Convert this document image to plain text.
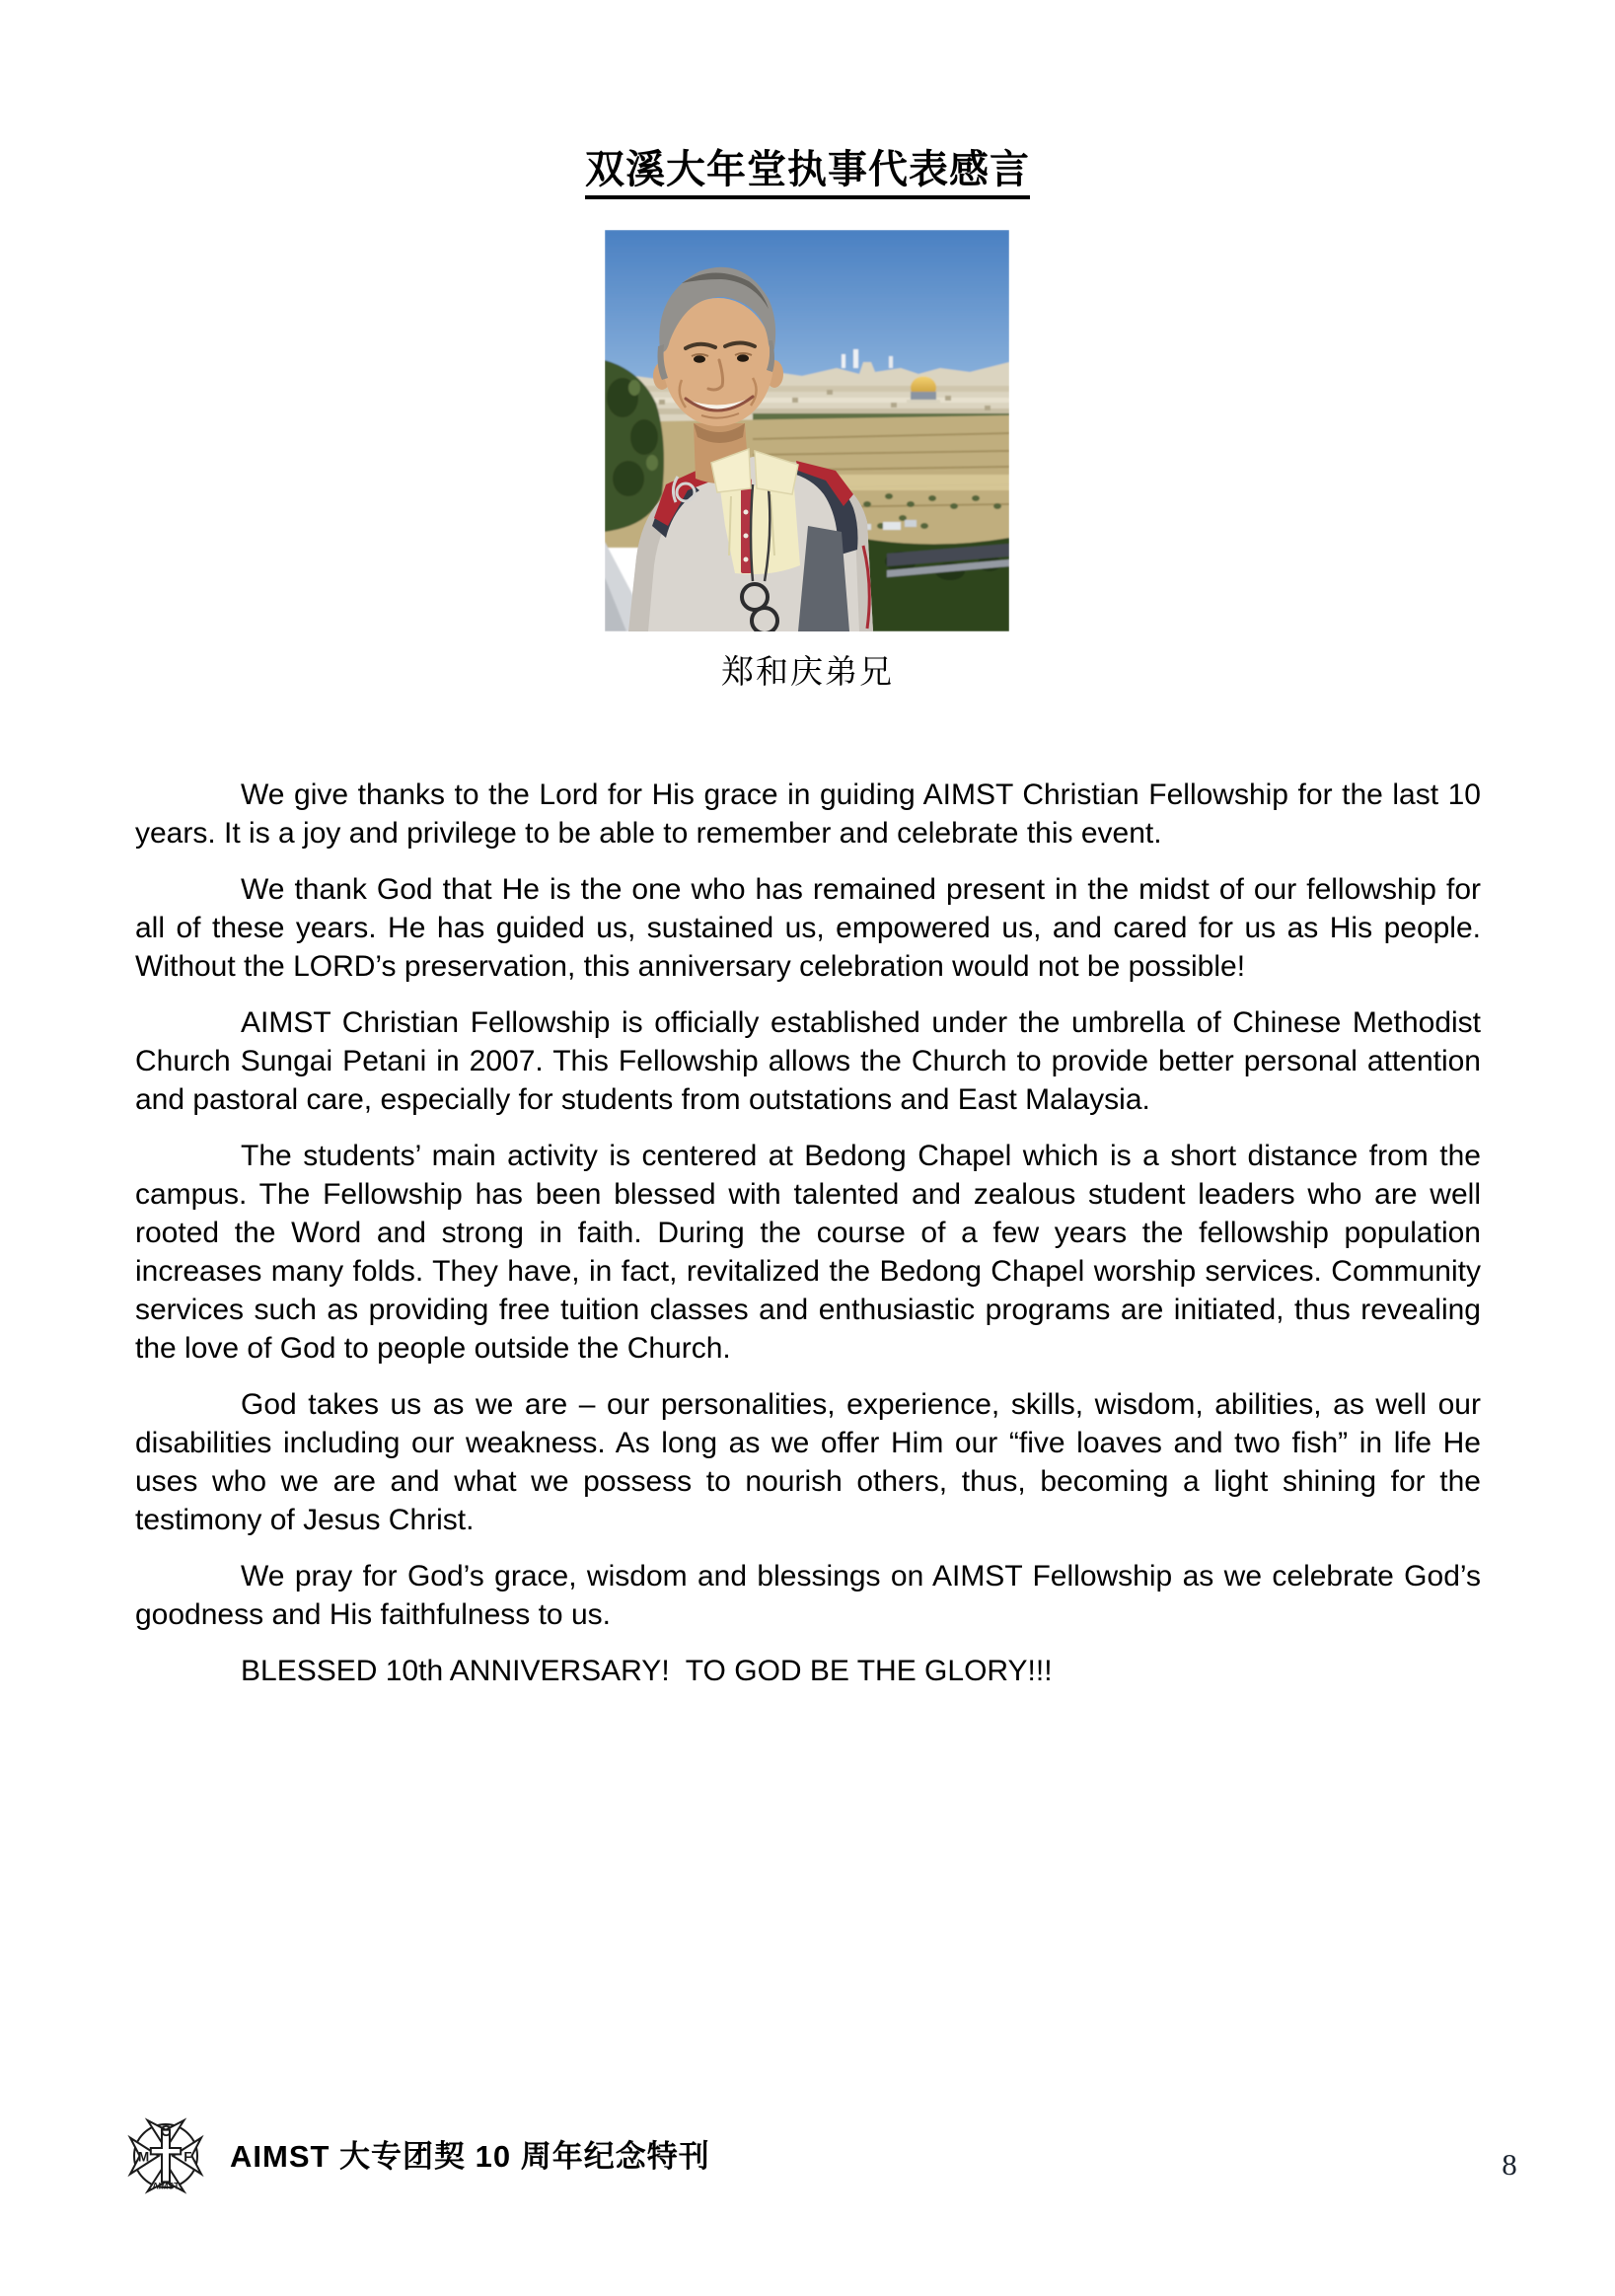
双溪大年堂执事代表感言
郑和庆弟兄

We give thanks to the Lord for His grace in guiding AIMST Christian Fellowship for the last 10 years. It is a joy and privilege to be able to remember and celebrate this event.

We thank God that He is the one who has remained present in the midst of our fellowship for all of these years. He has guided us, sustained us, empowered us, and cared for us as His people. Without the LORD’s preservation, this anniversary celebration would not be possible!

AIMST Christian Fellowship is officially established under the umbrella of Chinese Methodist Church Sungai Petani in 2007. This Fellowship allows the Church to provide better personal attention and pastoral care, especially for students from outstations and East Malaysia.

The students’ main activity is centered at Bedong Chapel which is a short distance from the campus. The Fellowship has been blessed with talented and zealous student leaders who are well rooted the Word and strong in faith. During the course of a few years the fellowship population increases many folds. They have, in fact, revitalized the Bedong Chapel worship services. Community services such as providing free tuition classes and enthusiastic programs are initiated, thus revealing the love of God to people outside the Church.

God takes us as we are – our personalities, experience, skills, wisdom, abilities, as well our disabilities including our weakness. As long as we offer Him our “five loaves and two fish” in life He uses who we are and what we possess to nourish others, thus, becoming a light shining for the testimony of Jesus Christ.

We pray for God’s grace, wisdom and blessings on AIMST Fellowship as we celebrate God’s goodness and His faithfulness to us.

BLESSED 10th ANNIVERSARY!  TO GOD BE THE GLORY!!!

C
M F
AIMST
AIMST 大专团契 10 周年纪念特刊	8
